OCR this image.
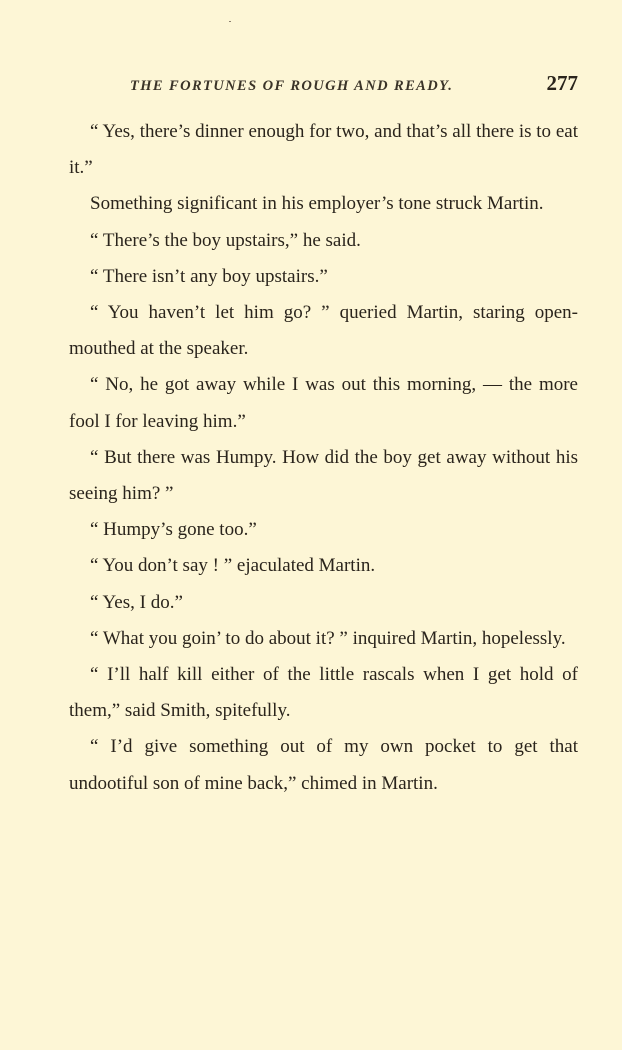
THE FORTUNES OF ROUGH AND READY.	277

“ Yes, there’s dinner enough for two, and that’s all there is to eat it.”

Something significant in his employer’s tone struck Martin.

“ There’s the boy upstairs,” he said.

“ There isn’t any boy upstairs.”

“ You haven’t let him go? ” queried Martin, staring open-mouthed at the speaker.

“ No, he got away while I was out this morning, — the more fool I for leaving him.”

“ But there was Humpy. How did the boy get away without his seeing him? ”

“ Humpy’s gone too.”

“ You don’t say ! ” ejaculated Martin.

“ Yes, I do.”

“ What you goin’ to do about it? ” inquired Martin, hopelessly.

“ I’ll half kill either of the little rascals when I get hold of them,” said Smith, spitefully.

“ I’d give something out of my own pocket to get that undootiful son of mine back,” chimed in Martin.
